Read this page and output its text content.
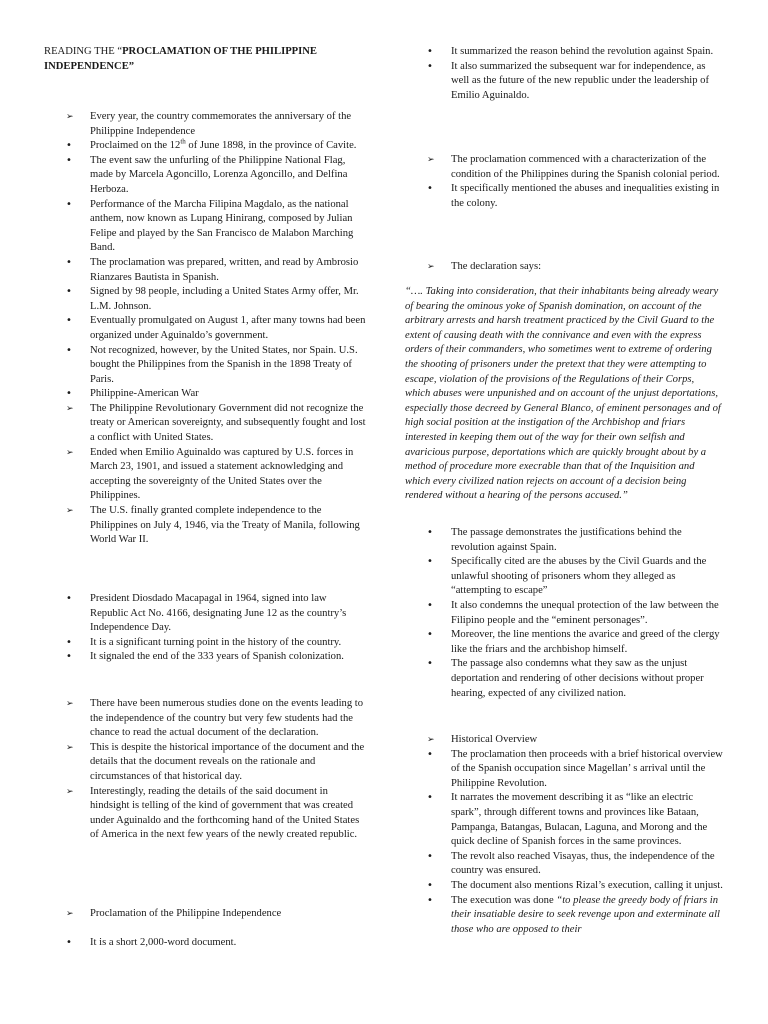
READING THE “PROCLAMATION OF THE PHILIPPINE INDEPENDENCE”
➢
Every year, the country commemorates the anniversary of the Philippine Independence
•
Proclaimed on the 12th of June 1898, in the province of Cavite.
•
The event saw the unfurling of the Philippine National Flag, made by Marcela Agoncillo, Lorenza Agoncillo, and Delfina Herboza.
•
Performance of the Marcha Filipina Magdalo, as the national anthem, now known as Lupang Hinirang, composed by Julian Felipe and played by the San Francisco de Malabon Marching Band.
•
The proclamation was prepared, written, and read by Ambrosio Rianzares Bautista in Spanish.
•
Signed by 98 people, including a United States Army offer, Mr. L.M. Johnson.
•
Eventually promulgated on August 1, after many towns had been organized under Aguinaldo’s government.
•
Not recognized, however, by the United States, nor Spain. U.S. bought the Philippines from the Spanish in the 1898 Treaty of Paris.
•
Philippine-American War
➢
The Philippine Revolutionary Government did not recognize the treaty or American sovereignty, and subsequently fought and lost a conflict with United States.
➢
Ended when Emilio Aguinaldo was captured by U.S. forces in March 23, 1901, and issued a statement acknowledging and accepting the sovereignty of the United States over the Philippines.
➢
The U.S. finally granted complete independence to the Philippines on July 4, 1946, via the Treaty of Manila, following World War II.
•
President Diosdado Macapagal in 1964, signed into law Republic Act No. 4166, designating June 12 as the country’s Independence Day.
•
It is a significant turning point in the history of the country.
•
It signaled the end of the 333 years of Spanish colonization.
➢
There have been numerous studies done on the events leading to the independence of the country but very few students had the chance to read the actual document of the declaration.
➢
This is despite the historical importance of the document and the details that the document reveals on the rationale and circumstances of that historical day.
➢
Interestingly, reading the details of the said document in hindsight is telling of the kind of government that was created under Aguinaldo and the forthcoming hand of the United States of America in the next few years of the newly created republic.
➢
Proclamation of the Philippine Independence
•
It is a short 2,000-word document.
•
It summarized the reason behind the revolution against Spain.
•
It also summarized the subsequent war for independence, as well as the future of the new republic under the leadership of Emilio Aguinaldo.
➢
The proclamation commenced with a characterization of the condition of the Philippines during the Spanish colonial period.
•
It specifically mentioned the abuses and inequalities existing in the colony.
➢
The declaration says:
“…. Taking into consideration, that their inhabitants being already weary of bearing the ominous yoke of Spanish domination, on account of the arbitrary arrests and harsh treatment practiced by the Civil Guard to the extent of causing death with the connivance and even with the express orders of their commanders, who sometimes went to extreme of ordering the shooting of prisoners under the pretext that they were attempting to escape, violation of the provisions of the Regulations of their Corps, which abuses were unpunished and on account of the unjust deportations, especially those decreed by General Blanco, of eminent personages and of high social position at the instigation of the Archbishop and friars interested in keeping them out of the way for their own selfish and avaricious purpose, deportations which are quickly brought about by a method of procedure more execrable than that of the Inquisition and which every civilized nation rejects on account of a decision being rendered without a hearing of the persons accused.”
•
The passage demonstrates the justifications behind the revolution against Spain.
•
Specifically cited are the abuses by the Civil Guards and the unlawful shooting of prisoners whom they alleged as “attempting to escape”
•
It also condemns the unequal protection of the law between the Filipino people and the “eminent personages”.
•
Moreover, the line mentions the avarice and greed of the clergy like the friars and the archbishop himself.
•
The passage also condemns what they saw as the unjust deportation and rendering of other decisions without proper hearing, expected of any civilized nation.
➢
Historical Overview
•
The proclamation then proceeds with a brief historical overview of the Spanish occupation since Magellan’ s arrival until the Philippine Revolution.
•
It narrates the movement describing it as “like an electric spark”, through different towns and provinces like Bataan, Pampanga, Batangas, Bulacan, Laguna, and Morong and the quick decline of Spanish forces in the same provinces.
•
The revolt also reached Visayas, thus, the independence of the country was ensured.
•
The document also mentions Rizal’s execution, calling it unjust.
•
The execution was done “to please the greedy body of friars in their insatiable desire to seek revenge upon and exterminate all those who are opposed to their
